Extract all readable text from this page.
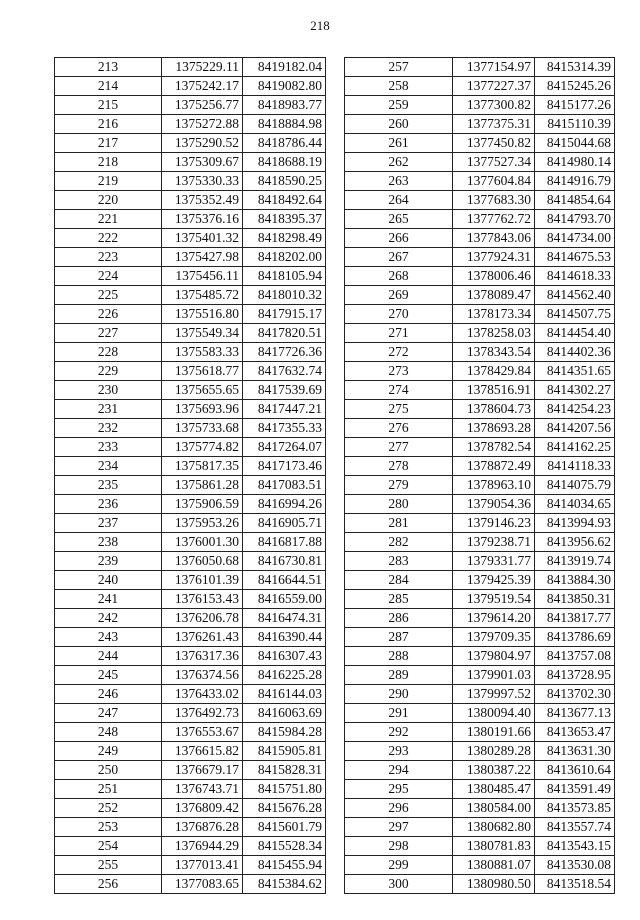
218
213	1375229.11	8419182.04
214	1375242.17	8419082.80
215	1375256.77	8418983.77
216	1375272.88	8418884.98
217	1375290.52	8418786.44
218	1375309.67	8418688.19
219	1375330.33	8418590.25
220	1375352.49	8418492.64
221	1375376.16	8418395.37
222	1375401.32	8418298.49
223	1375427.98	8418202.00
224	1375456.11	8418105.94
225	1375485.72	8418010.32
226	1375516.80	8417915.17
227	1375549.34	8417820.51
228	1375583.33	8417726.36
229	1375618.77	8417632.74
230	1375655.65	8417539.69
231	1375693.96	8417447.21
232	1375733.68	8417355.33
233	1375774.82	8417264.07
234	1375817.35	8417173.46
235	1375861.28	8417083.51
236	1375906.59	8416994.26
237	1375953.26	8416905.71
238	1376001.30	8416817.88
239	1376050.68	8416730.81
240	1376101.39	8416644.51
241	1376153.43	8416559.00
242	1376206.78	8416474.31
243	1376261.43	8416390.44
244	1376317.36	8416307.43
245	1376374.56	8416225.28
246	1376433.02	8416144.03
247	1376492.73	8416063.69
248	1376553.67	8415984.28
249	1376615.82	8415905.81
250	1376679.17	8415828.31
251	1376743.71	8415751.80
252	1376809.42	8415676.28
253	1376876.28	8415601.79
254	1376944.29	8415528.34
255	1377013.41	8415455.94
256	1377083.65	8415384.62
257	1377154.97	8415314.39
258	1377227.37	8415245.26
259	1377300.82	8415177.26
260	1377375.31	8415110.39
261	1377450.82	8415044.68
262	1377527.34	8414980.14
263	1377604.84	8414916.79
264	1377683.30	8414854.64
265	1377762.72	8414793.70
266	1377843.06	8414734.00
267	1377924.31	8414675.53
268	1378006.46	8414618.33
269	1378089.47	8414562.40
270	1378173.34	8414507.75
271	1378258.03	8414454.40
272	1378343.54	8414402.36
273	1378429.84	8414351.65
274	1378516.91	8414302.27
275	1378604.73	8414254.23
276	1378693.28	8414207.56
277	1378782.54	8414162.25
278	1378872.49	8414118.33
279	1378963.10	8414075.79
280	1379054.36	8414034.65
281	1379146.23	8413994.93
282	1379238.71	8413956.62
283	1379331.77	8413919.74
284	1379425.39	8413884.30
285	1379519.54	8413850.31
286	1379614.20	8413817.77
287	1379709.35	8413786.69
288	1379804.97	8413757.08
289	1379901.03	8413728.95
290	1379997.52	8413702.30
291	1380094.40	8413677.13
292	1380191.66	8413653.47
293	1380289.28	8413631.30
294	1380387.22	8413610.64
295	1380485.47	8413591.49
296	1380584.00	8413573.85
297	1380682.80	8413557.74
298	1380781.83	8413543.15
299	1380881.07	8413530.08
300	1380980.50	8413518.54
